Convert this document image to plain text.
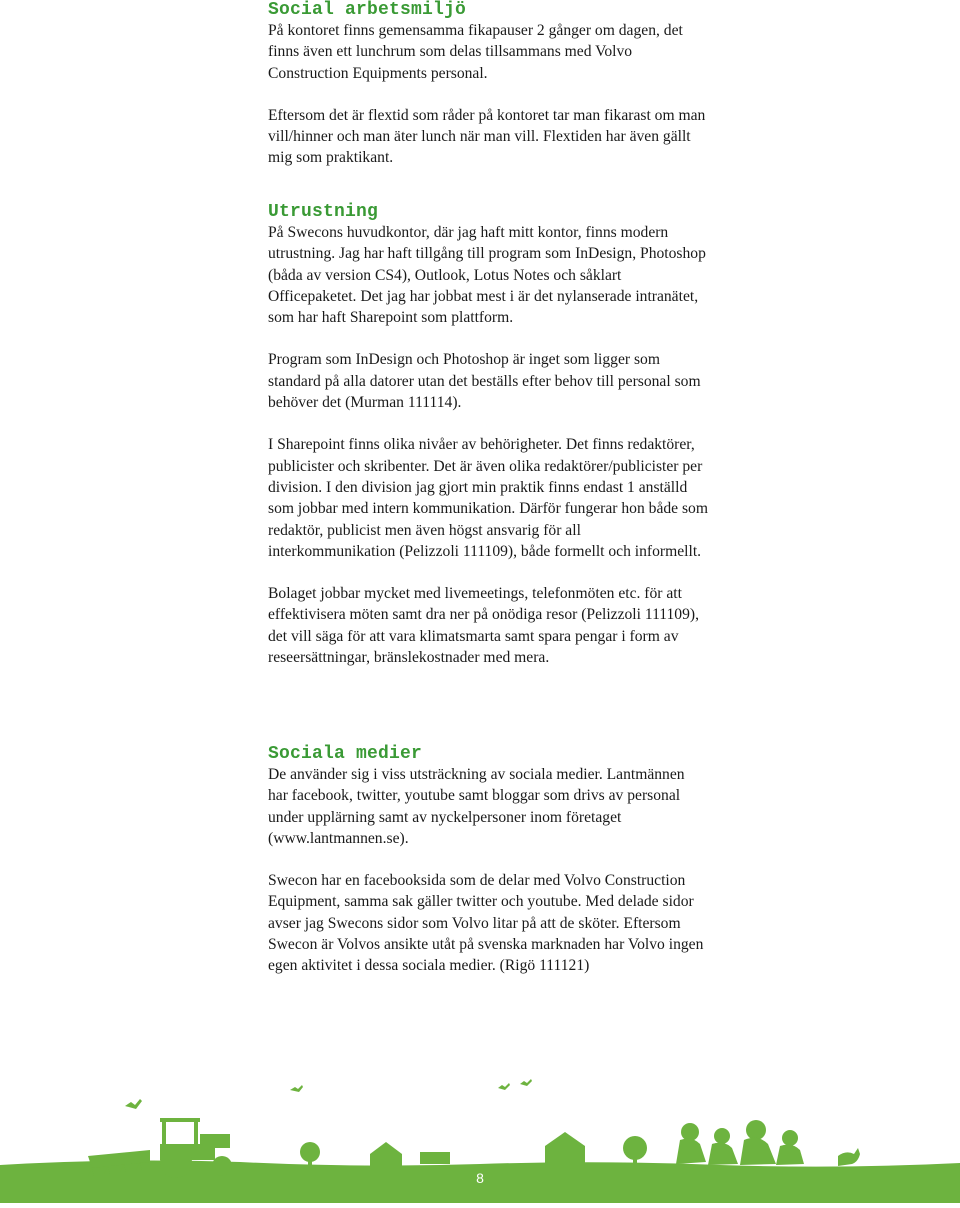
Social arbetsmiljö

På kontoret finns gemensamma fikapauser 2 gånger om dagen, det finns även ett lunchrum som delas tillsammans med Volvo Construction Equipments personal.

Eftersom det är flextid som råder på kontoret tar man fikarast om man vill/hinner och man äter lunch när man vill. Flextiden har även gällt mig som praktikant.

Utrustning

På Swecons huvudkontor, där jag haft mitt kontor, finns modern utrustning. Jag har haft tillgång till program som InDesign, Photoshop (båda av version CS4), Outlook, Lotus Notes och såklart Officepaketet. Det jag har jobbat mest i är det nylanserade intranätet, som har haft Sharepoint som plattform.

Program som InDesign och Photoshop är inget som ligger som standard på alla datorer utan det beställs efter behov till personal som behöver det (Murman 111114).

I Sharepoint finns olika nivåer av behörigheter. Det finns redaktörer, publicister och skribenter. Det är även olika redaktörer/publicister per division. I den division jag gjort min praktik finns endast 1 anställd som jobbar med intern kommunikation. Därför fungerar hon både som redaktör, publicist men även högst ansvarig för all interkommunikation (Pelizzoli 111109), både formellt och informellt.

Bolaget jobbar mycket med livemeetings, telefonmöten etc. för att effektivisera möten samt dra ner på onödiga resor (Pelizzoli 111109), det vill säga för att vara klimatsmarta samt spara pengar i form av reseersättningar, bränslekostnader med mera.

Sociala medier

De använder sig i viss utsträckning av sociala medier. Lantmännen har facebook, twitter, youtube samt bloggar som drivs av personal under upplärning samt av nyckelpersoner inom företaget (www.lantmannen.se).

Swecon har en facebooksida som de delar med Volvo Construction Equipment, samma sak gäller twitter och youtube. Med delade sidor avser jag Swecons sidor som Volvo litar på att de sköter. Eftersom Swecon är Volvos ansikte utåt på svenska marknaden har Volvo ingen egen aktivitet i dessa sociala medier. (Rigö 111121)

8
